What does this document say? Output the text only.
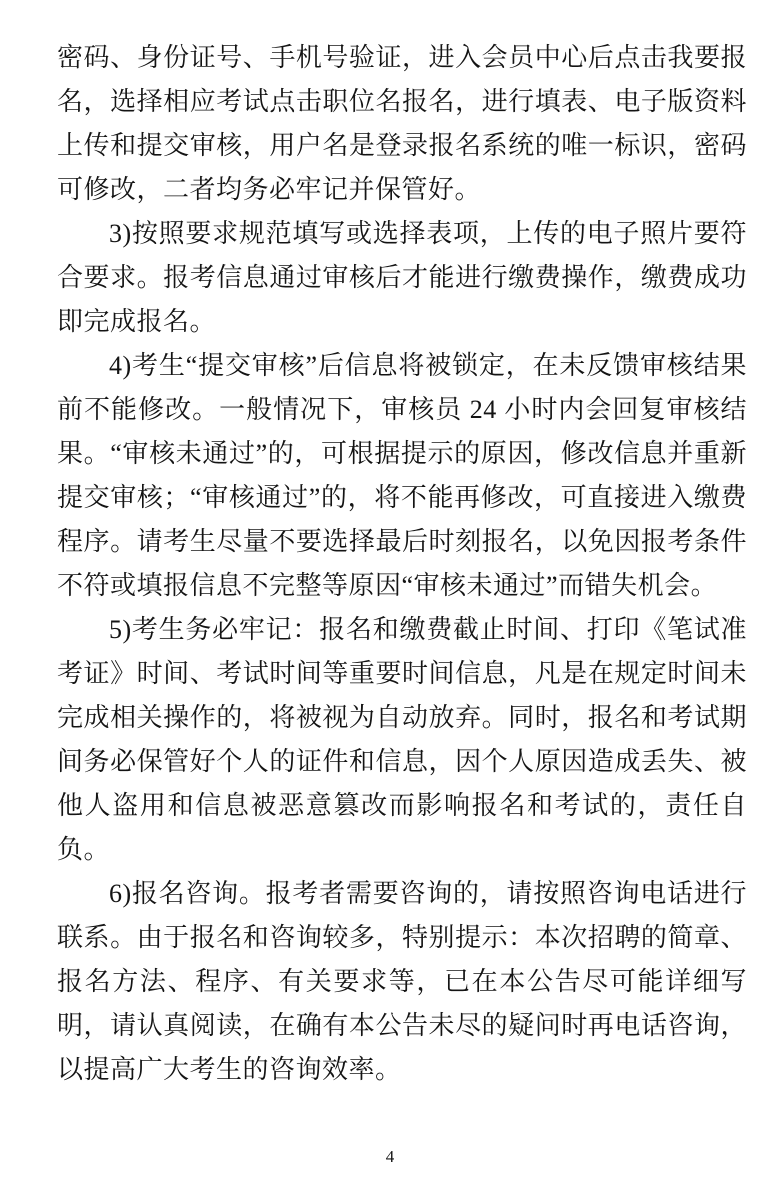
密码、身份证号、手机号验证，进入会员中心后点击我要报名，选择相应考试点击职位名报名，进行填表、电子版资料上传和提交审核，用户名是登录报名系统的唯一标识，密码可修改，二者均务必牢记并保管好。

3)按照要求规范填写或选择表项，上传的电子照片要符合要求。报考信息通过审核后才能进行缴费操作，缴费成功即完成报名。

4)考生“提交审核”后信息将被锁定，在未反馈审核结果前不能修改。一般情况下，审核员 24 小时内会回复审核结果。“审核未通过”的，可根据提示的原因，修改信息并重新提交审核；“审核通过”的，将不能再修改，可直接进入缴费程序。请考生尽量不要选择最后时刻报名，以免因报考条件不符或填报信息不完整等原因“审核未通过”而错失机会。

5)考生务必牢记：报名和缴费截止时间、打印《笔试准考证》时间、考试时间等重要时间信息，凡是在规定时间未完成相关操作的，将被视为自动放弃。同时，报名和考试期间务必保管好个人的证件和信息，因个人原因造成丢失、被他人盗用和信息被恶意篡改而影响报名和考试的，责任自负。

6)报名咨询。报考者需要咨询的，请按照咨询电话进行联系。由于报名和咨询较多，特别提示：本次招聘的简章、报名方法、程序、有关要求等，已在本公告尽可能详细写明，请认真阅读，在确有本公告未尽的疑问时再电话咨询，以提高广大考生的咨询效率。

4
